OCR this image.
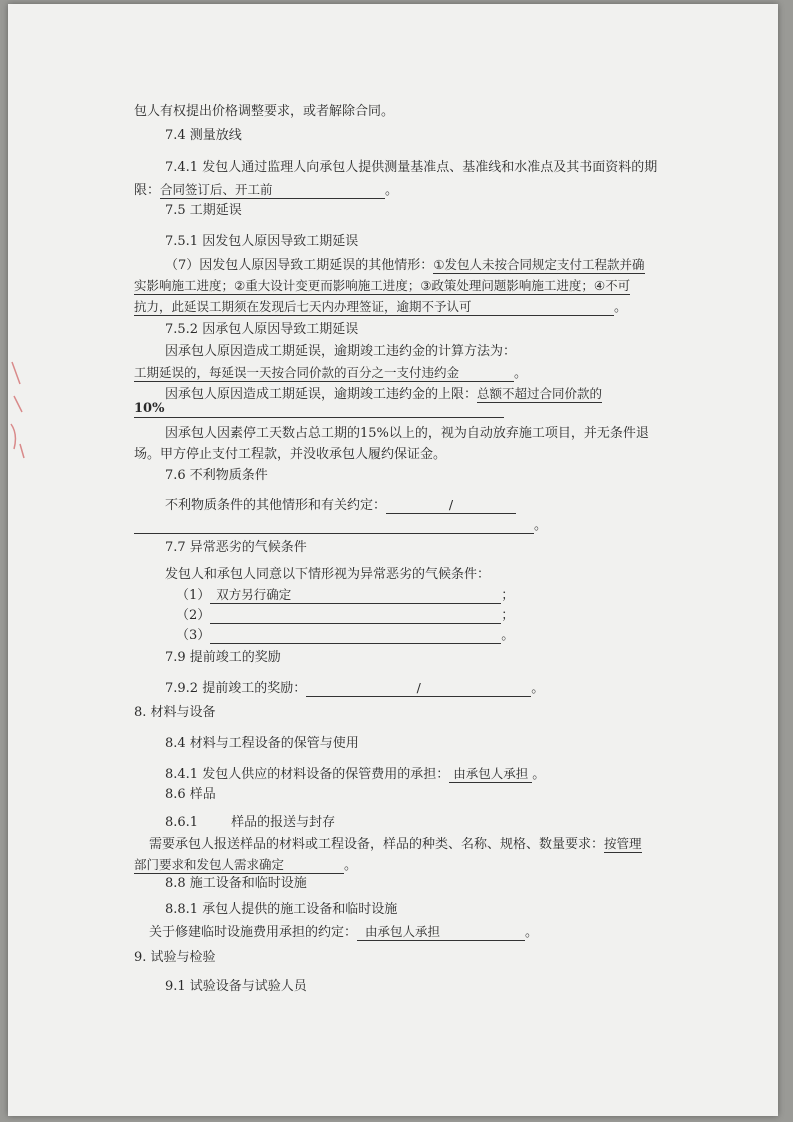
包人有权提出价格调整要求，或者解除合同。
7.4 测量放线
7.4.1 发包人通过监理人向承包人提供测量基准点、基准线和水准点及其书面资料的期
限：合同签订后、开工前	。
7.5 工期延误
7.5.1 因发包人原因导致工期延误
（7）因发包人原因导致工期延误的其他情形：①发包人未按合同规定支付工程款并确
实影响施工进度；②重大设计变更而影响施工进度；③政策处理问题影响施工进度；④不可
抗力，此延误工期须在发现后七天内办理签证，逾期不予认可	。
7.5.2 因承包人原因导致工期延误
因承包人原因造成工期延误，逾期竣工违约金的计算方法为：
工期延误的，每延误一天按合同价款的百分之一支付违约金	。
因承包人原因造成工期延误，逾期竣工违约金的上限：总额不超过合同价款的
10%
因承包人因素停工天数占总工期的15%以上的，视为自动放弃施工项目，并无条件退
场。甲方停止支付工程款，并没收承包人履约保证金。
7.6 不利物质条件
不利物质条件的其他情形和有关约定：	/
。
7.7 异常恶劣的气候条件
发包人和承包人同意以下情形视为异常恶劣的气候条件：
（1） 双方另行确定	；
（2）	；
（3）	。
7.9 提前竣工的奖励
7.9.2 提前竣工的奖励：	/	。
8. 材料与设备
8.4 材料与工程设备的保管与使用
8.4.1 发包人供应的材料设备的保管费用的承担： 由承包人承担 。
8.6 样品
8.6.1        样品的报送与封存
需要承包人报送样品的材料或工程设备，样品的种类、名称、规格、数量要求：按管理
部门要求和发包人需求确定	。
8.8 施工设备和临时设施
8.8.1 承包人提供的施工设备和临时设施
关于修建临时设施费用承担的约定： 由承包人承担	。
9. 试验与检验
9.1 试验设备与试验人员
